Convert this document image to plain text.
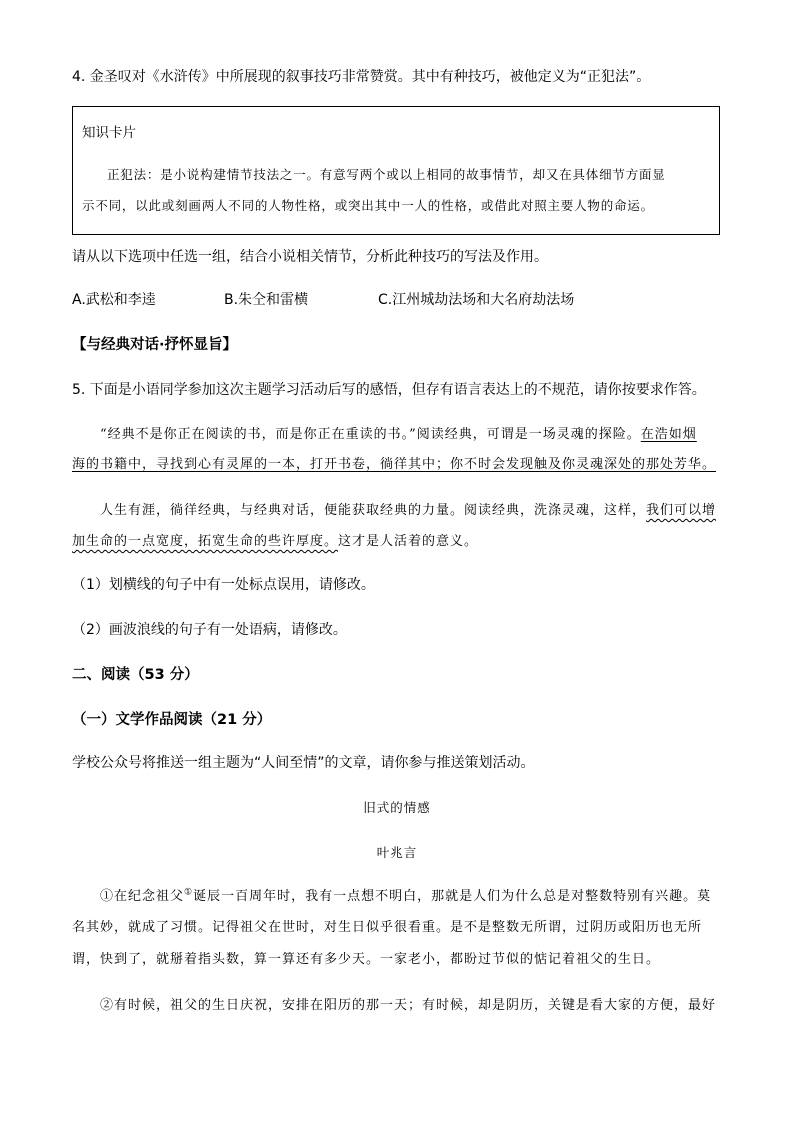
4. 金圣叹对《水浒传》中所展现的叙事技巧非常赞赏。其中有种技巧，被他定义为“正犯法”。
知识卡片
正犯法：是小说构建情节技法之一。有意写两个或以上相同的故事情节，却又在具体细节方面显
示不同，以此或刻画两人不同的人物性格，或突出其中一人的性格，或借此对照主要人物的命运。
请从以下选项中任选一组，结合小说相关情节，分析此种技巧的写法及作用。
A.武松和李逵	B.朱仝和雷横	C.江州城劫法场和大名府劫法场
【与经典对话·抒怀显旨】
5. 下面是小语同学参加这次主题学习活动后写的感悟，但存有语言表达上的不规范，请你按要求作答。
“经典不是你正在阅读的书，而是你正在重读的书。”阅读经典，可谓是一场灵魂的探险。在浩如烟
海的书籍中，寻找到心有灵犀的一本，打开书卷，徜徉其中；你不时会发现触及你灵魂深处的那处芳华。
人生有涯，徜徉经典，与经典对话，便能获取经典的力量。阅读经典，洗涤灵魂，这样，我们可以增
加生命的一点宽度，拓宽生命的些许厚度。这才是人活着的意义。
（1）划横线的句子中有一处标点误用，请修改。
（2）画波浪线的句子有一处语病，请修改。
二、阅读（53 分）
（一）文学作品阅读（21 分）
学校公众号将推送一组主题为“人间至情”的文章，请你参与推送策划活动。
旧式的情感
叶兆言
①在纪念祖父①诞辰一百周年时，我有一点想不明白，那就是人们为什么总是对整数特别有兴趣。莫
名其妙，就成了习惯。记得祖父在世时，对生日似乎很看重。是不是整数无所谓，过阴历或阳历也无所
谓，快到了，就掰着指头数，算一算还有多少天。一家老小，都盼过节似的惦记着祖父的生日。
②有时候，祖父的生日庆祝，安排在阳历的那一天；有时候，却是阴历，关键是看大家的方便，最好
